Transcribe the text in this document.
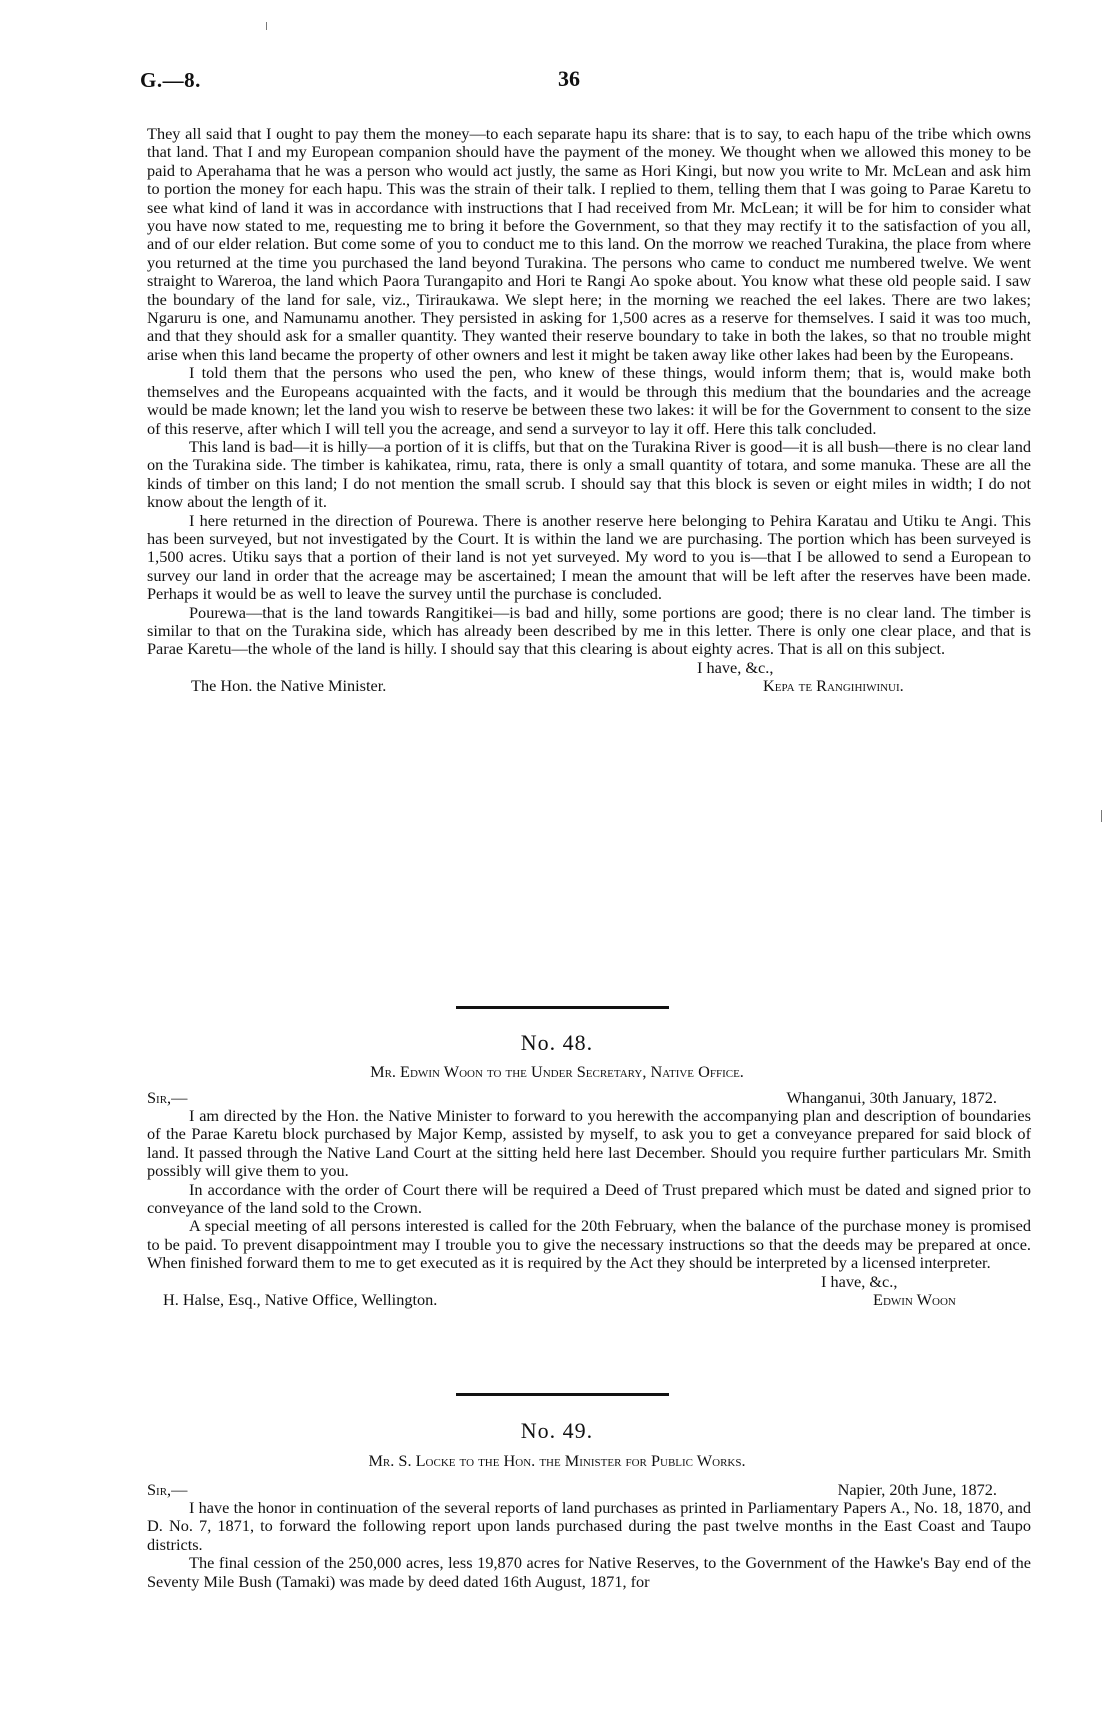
G.—8.	36

They all said that I ought to pay them the money—to each separate hapu its share: that is to say, to each hapu of the tribe which owns that land. That I and my European companion should have the payment of the money. We thought when we allowed this money to be paid to Aperahama that he was a person who would act justly, the same as Hori Kingi, but now you write to Mr. McLean and ask him to portion the money for each hapu. This was the strain of their talk. I replied to them, telling them that I was going to Parae Karetu to see what kind of land it was in accordance with instructions that I had received from Mr. McLean; it will be for him to consider what you have now stated to me, requesting me to bring it before the Government, so that they may rectify it to the satisfaction of you all, and of our elder relation. But come some of you to conduct me to this land. On the morrow we reached Turakina, the place from where you returned at the time you purchased the land beyond Turakina. The persons who came to conduct me numbered twelve. We went straight to Wareroa, the land which Paora Turangapito and Hori te Rangi Ao spoke about. You know what these old people said. I saw the boundary of the land for sale, viz., Tiriraukawa. We slept here; in the morning we reached the eel lakes. There are two lakes; Ngaruru is one, and Namunamu another. They persisted in asking for 1,500 acres as a reserve for themselves. I said it was too much, and that they should ask for a smaller quantity. They wanted their reserve boundary to take in both the lakes, so that no trouble might arise when this land became the property of other owners and lest it might be taken away like other lakes had been by the Europeans.

I told them that the persons who used the pen, who knew of these things, would inform them; that is, would make both themselves and the Europeans acquainted with the facts, and it would be through this medium that the boundaries and the acreage would be made known; let the land you wish to reserve be between these two lakes: it will be for the Government to consent to the size of this reserve, after which I will tell you the acreage, and send a surveyor to lay it off. Here this talk concluded.

This land is bad—it is hilly—a portion of it is cliffs, but that on the Turakina River is good—it is all bush—there is no clear land on the Turakina side. The timber is kahikatea, rimu, rata, there is only a small quantity of totara, and some manuka. These are all the kinds of timber on this land; I do not mention the small scrub. I should say that this block is seven or eight miles in width; I do not know about the length of it.

I here returned in the direction of Pourewa. There is another reserve here belonging to Pehira Karatau and Utiku te Angi. This has been surveyed, but not investigated by the Court. It is within the land we are purchasing. The portion which has been surveyed is 1,500 acres. Utiku says that a portion of their land is not yet surveyed. My word to you is—that I be allowed to send a European to survey our land in order that the acreage may be ascertained; I mean the amount that will be left after the reserves have been made. Perhaps it would be as well to leave the survey until the purchase is concluded.

Pourewa—that is the land towards Rangitikei—is bad and hilly, some portions are good; there is no clear land. The timber is similar to that on the Turakina side, which has already been described by me in this letter. There is only one clear place, and that is Parae Karetu—the whole of the land is hilly. I should say that this clearing is about eighty acres. That is all on this subject.

I have, &c.,
The Hon. the Native Minister.	Kepa te Rangihiwinui.
No. 48.
Mr. Edwin Woon to the Under Secretary, Native Office.
Sir,—	Whanganui, 30th January, 1872.

I am directed by the Hon. the Native Minister to forward to you herewith the accompanying plan and description of boundaries of the Parae Karetu block purchased by Major Kemp, assisted by myself, to ask you to get a conveyance prepared for said block of land. It passed through the Native Land Court at the sitting held here last December. Should you require further particulars Mr. Smith possibly will give them to you.

In accordance with the order of Court there will be required a Deed of Trust prepared which must be dated and signed prior to conveyance of the land sold to the Crown.

A special meeting of all persons interested is called for the 20th February, when the balance of the purchase money is promised to be paid. To prevent disappointment may I trouble you to give the necessary instructions so that the deeds may be prepared at once. When finished forward them to me to get executed as it is required by the Act they should be interpreted by a licensed interpreter.

I have, &c.,
H. Halse, Esq., Native Office, Wellington.	Edwin Woon
No. 49.
Mr. S. Locke to the Hon. the Minister for Public Works.
Sir,—	Napier, 20th June, 1872.

I have the honor in continuation of the several reports of land purchases as printed in Parliamentary Papers A., No. 18, 1870, and D. No. 7, 1871, to forward the following report upon lands purchased during the past twelve months in the East Coast and Taupo districts.

The final cession of the 250,000 acres, less 19,870 acres for Native Reserves, to the Government of the Hawke's Bay end of the Seventy Mile Bush (Tamaki) was made by deed dated 16th August, 1871, for
